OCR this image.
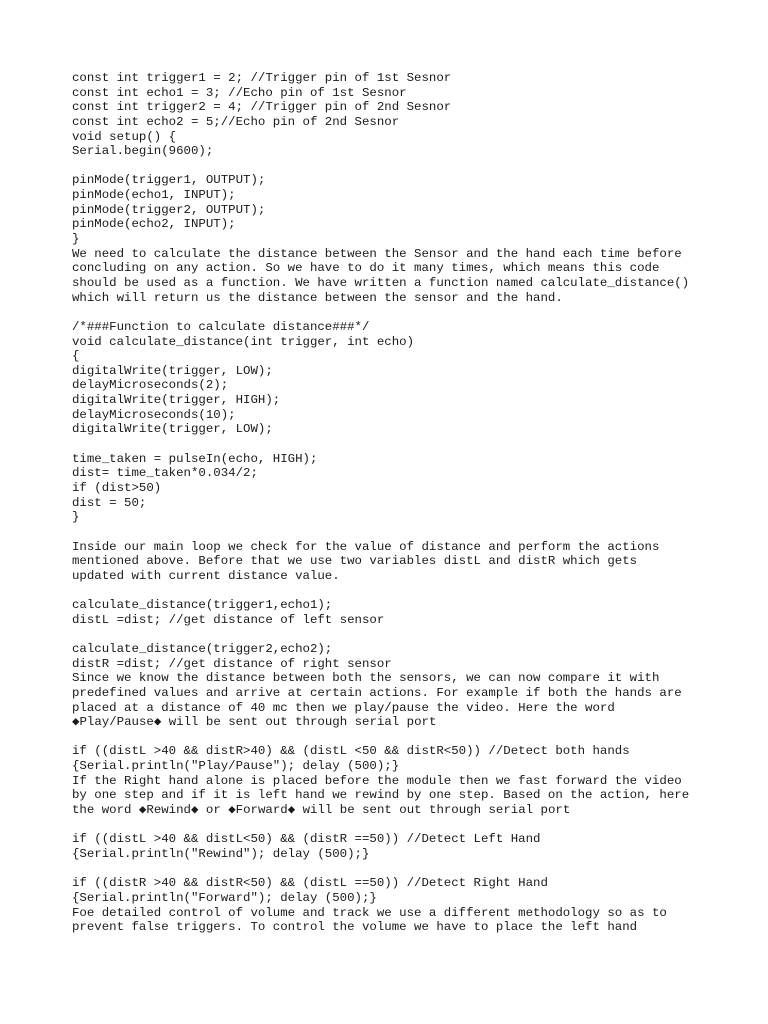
const int trigger1 = 2; //Trigger pin of 1st Sesnor
const int echo1 = 3; //Echo pin of 1st Sesnor
const int trigger2 = 4; //Trigger pin of 2nd Sesnor
const int echo2 = 5;//Echo pin of 2nd Sesnor
void setup() {
Serial.begin(9600);
pinMode(trigger1, OUTPUT);
pinMode(echo1, INPUT);
pinMode(trigger2, OUTPUT);
pinMode(echo2, INPUT);
}
We need to calculate the distance between the Sensor and the hand each time before
concluding on any action. So we have to do it many times, which means this code
should be used as a function. We have written a function named calculate_distance()
which will return us the distance between the sensor and the hand.
/*###Function to calculate distance###*/
void calculate_distance(int trigger, int echo)
{
digitalWrite(trigger, LOW);
delayMicroseconds(2);
digitalWrite(trigger, HIGH);
delayMicroseconds(10);
digitalWrite(trigger, LOW);
time_taken = pulseIn(echo, HIGH);
dist= time_taken*0.034/2;
if (dist>50)
dist = 50;
}
Inside our main loop we check for the value of distance and perform the actions
mentioned above. Before that we use two variables distL and distR which gets
updated with current distance value.
calculate_distance(trigger1,echo1);
distL =dist; //get distance of left sensor
calculate_distance(trigger2,echo2);
distR =dist; //get distance of right sensor
Since we know the distance between both the sensors, we can now compare it with
predefined values and arrive at certain actions. For example if both the hands are
placed at a distance of 40 mc then we play/pause the video. Here the word
◆Play/Pause◆ will be sent out through serial port
if ((distL >40 && distR>40) && (distL <50 && distR<50)) //Detect both hands
{Serial.println("Play/Pause"); delay (500);}
If the Right hand alone is placed before the module then we fast forward the video
by one step and if it is left hand we rewind by one step. Based on the action, here
the word ◆Rewind◆ or ◆Forward◆ will be sent out through serial port
if ((distL >40 && distL<50) && (distR ==50)) //Detect Left Hand
{Serial.println("Rewind"); delay (500);}
if ((distR >40 && distR<50) && (distL ==50)) //Detect Right Hand
{Serial.println("Forward"); delay (500);}
Foe detailed control of volume and track we use a different methodology so as to
prevent false triggers. To control the volume we have to place the left hand
